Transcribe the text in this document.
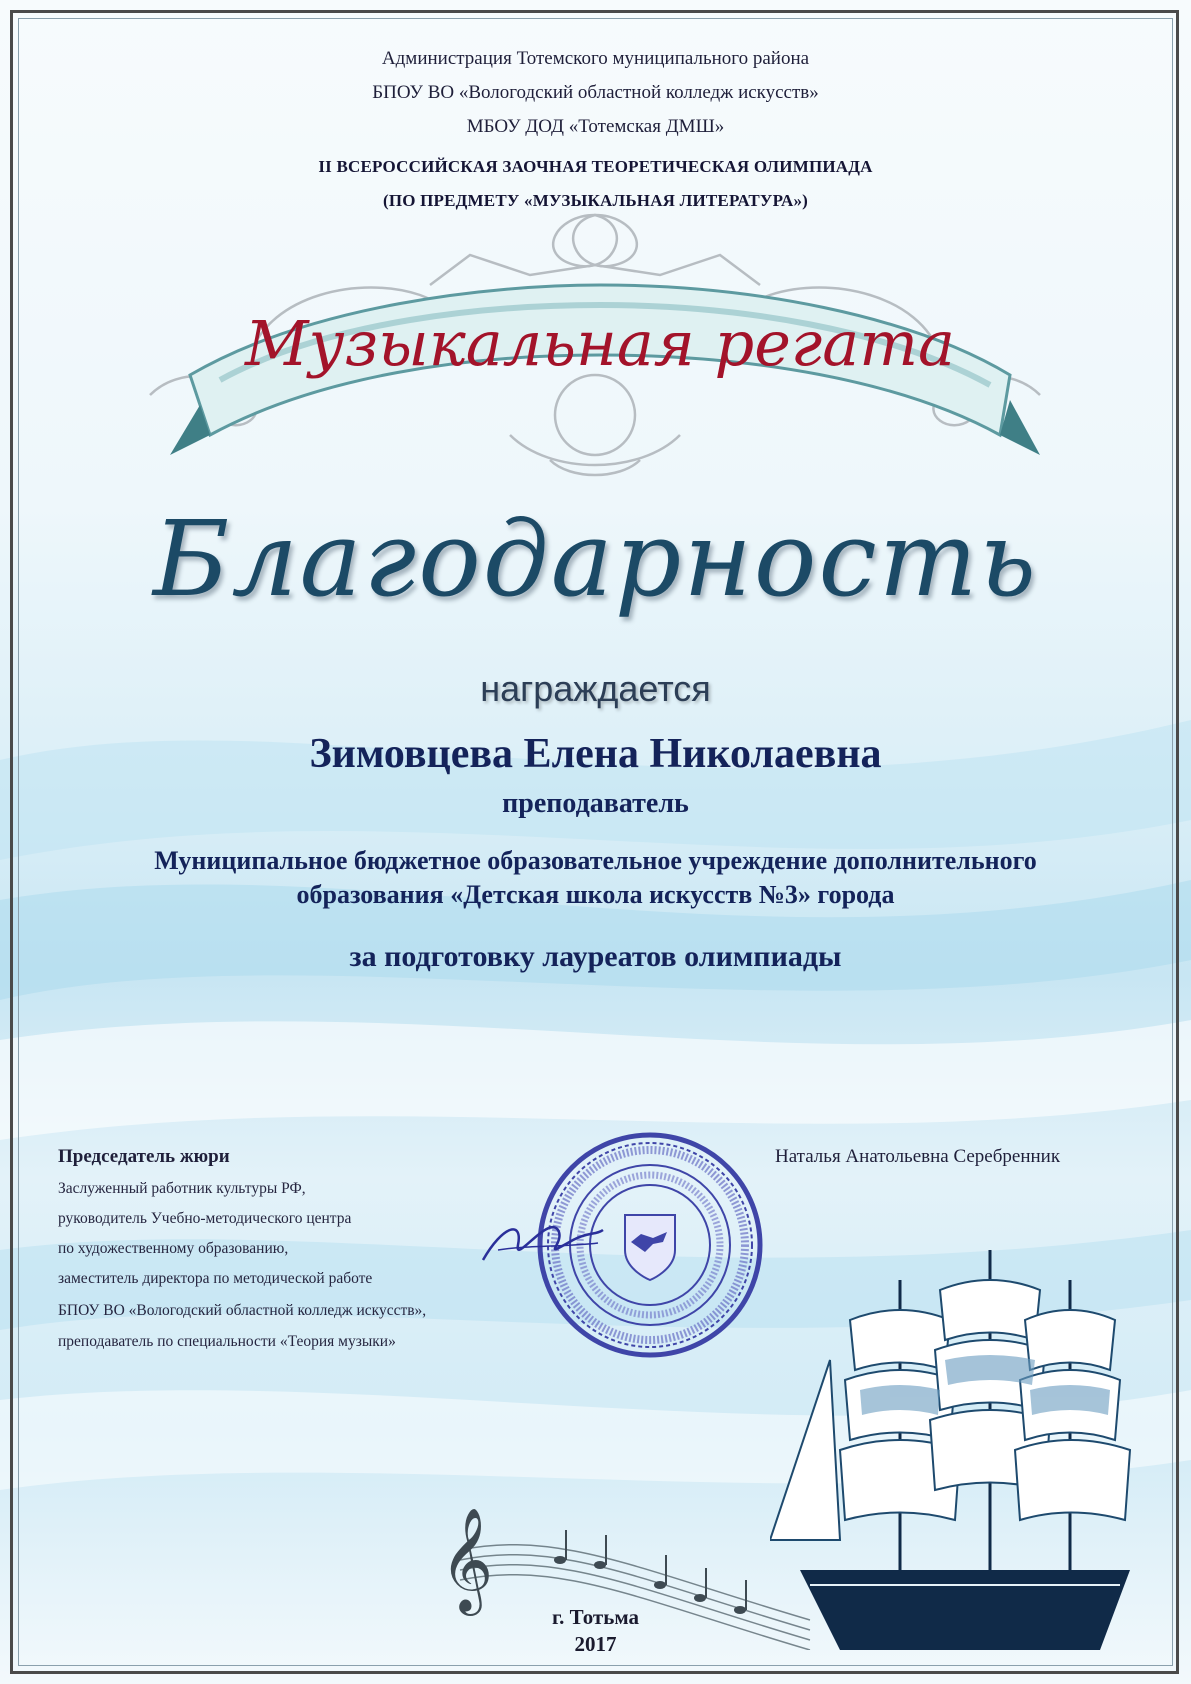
Администрация Тотемского муниципального района

БПОУ ВО «Вологодский областной колледж искусств»

МБОУ ДОД «Тотемская ДМШ»

II ВСЕРОССИЙСКАЯ ЗАОЧНАЯ ТЕОРЕТИЧЕСКАЯ ОЛИМПИАДА

(ПО ПРЕДМЕТУ «МУЗЫКАЛЬНАЯ ЛИТЕРАТУРА»)

Музыкальная регата
Благодарность

награждается

Зимовцева Елена Николаевна

преподаватель

Муниципальное бюджетное образовательное учреждение дополнительного

образования «Детская школа искусств №3» города

за подготовку лауреатов олимпиады

Председатель жюри
Заслуженный работник культуры РФ,
руководитель Учебно-методического центра
по художественному образованию,
заместитель директора по методической работе
БПОУ ВО «Вологодский областной колледж искусств»,
преподаватель по специальности «Теория музыки»
Наталья Анатольевна Серебренник
𝄞

г. Тотьма

2017
